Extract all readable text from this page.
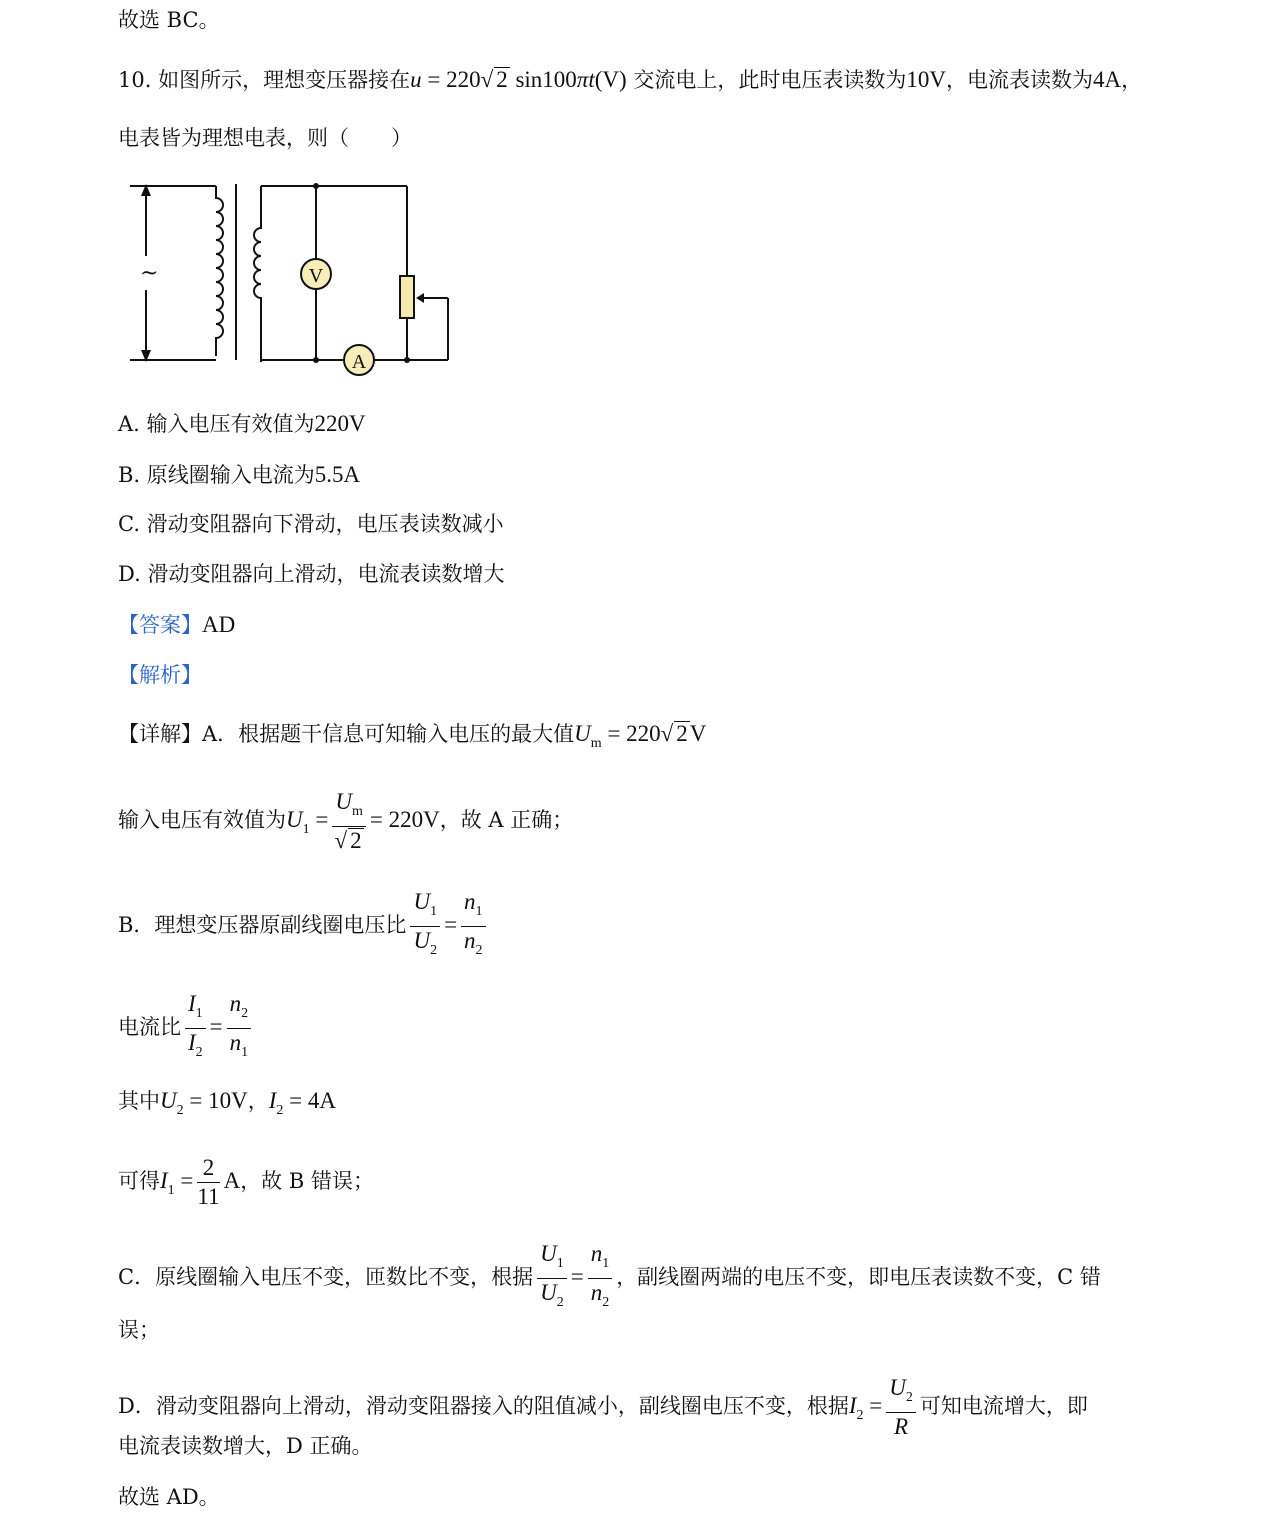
故选 BC。
10. 如图所示，理想变压器接在u = 220√ 2 sin100πt(V) 交流电上，此时电压表读数为10V，电流表读数为4A，
电表皆为理想电表，则（　　）
~	V
A
A. 输入电压有效值为220V
B. 原线圈输入电流为5.5A
C. 滑动变阻器向下滑动，电压表读数减小
D. 滑动变阻器向上滑动，电流表读数增大
【答案】AD
【解析】
【详解】A．根据题干信息可知输入电压的最大值$U_m = 220√$ 2V
输入电压有效值为$U_1 = \frac{U_m}{√ 2} = 220V$，故 A 正确；
B．理想变压器原副线圈电压比 $\frac{U_1}{U_2} = \frac{n_1}{n_2}$
电流比 $\frac{I_1}{I_2} = \frac{n_2}{n_1}$
其中$U_2 = 10V$，$I_2 = 4A$
可得$I_1 = \frac{2}{11}$ A，故 B 错误；
C．原线圈输入电压不变，匝数比不变，根据 $\frac{U_1}{U_2} = \frac{n_1}{n_2}$ ，副线圈两端的电压不变，即电压表读数不变，C 错
误；
D．滑动变阻器向上滑动，滑动变阻器接入的阻值减小，副线圈电压不变，根据$I_2 = \frac{U_2}{R}$ 可知电流增大，即
电流表读数增大，D 正确。
故选 AD。
